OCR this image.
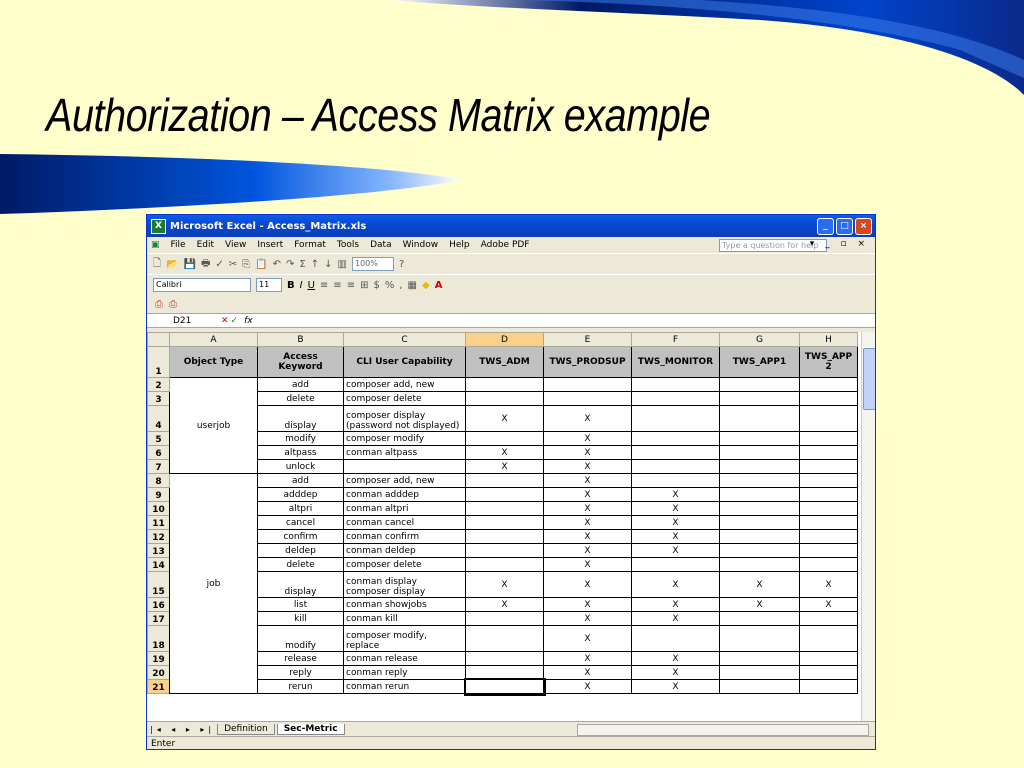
Authorization – Access Matrix example
X Microsoft Excel - Access_Matrix.xls	_	□	×
▣ File Edit View Insert Format Tools Data Window Help Adobe PDF	Type a question for help
▾ _ ▫ ×
🗋 📂 💾 🖶 ✓ ✂ ⎘ 📋 ↶ ↷ Σ ↑ ↓ ▥	100%	?
Calibri	11	B I U ≡ ≡ ≡ ⊞ $ % , ▦ ◆ A
⎙ ⎙
D21	✕ ✓ fx
	A	B	C	D	E	F	G	H
1	Object Type	Access Keyword	CLI User Capability	TWS_ADM	TWS_PRODSUP	TWS_MONITOR	TWS_APP1	TWS_APP 2
2	userjob	add	composer add, new					
3		delete	composer delete					
4		display	composer display (password not displayed)	X	X			
5		modify	composer modify		X			
6		altpass	conman altpass	X	X			
7		unlock		X	X			
8	job	add	composer add, new		X			
9		adddep	conman adddep		X	X		
10		altpri	conman altpri		X	X		
11		cancel	conman cancel		X	X		
12		confirm	conman confirm		X	X		
13		deldep	conman deldep		X	X		
14		delete	composer delete		X			
15		display	conman display composer display	X	X	X	X	X
16		list	conman showjobs	X	X	X	X	X
17		kill	conman kill		X	X		
18		modify	composer modify, replace		X			
19		release	conman release		X	X		
20		reply	conman reply		X	X		
21		rerun	conman rerun		X	X		
|◂ ◂ ▸ ▸|	Definition	Sec-Metric
Enter
